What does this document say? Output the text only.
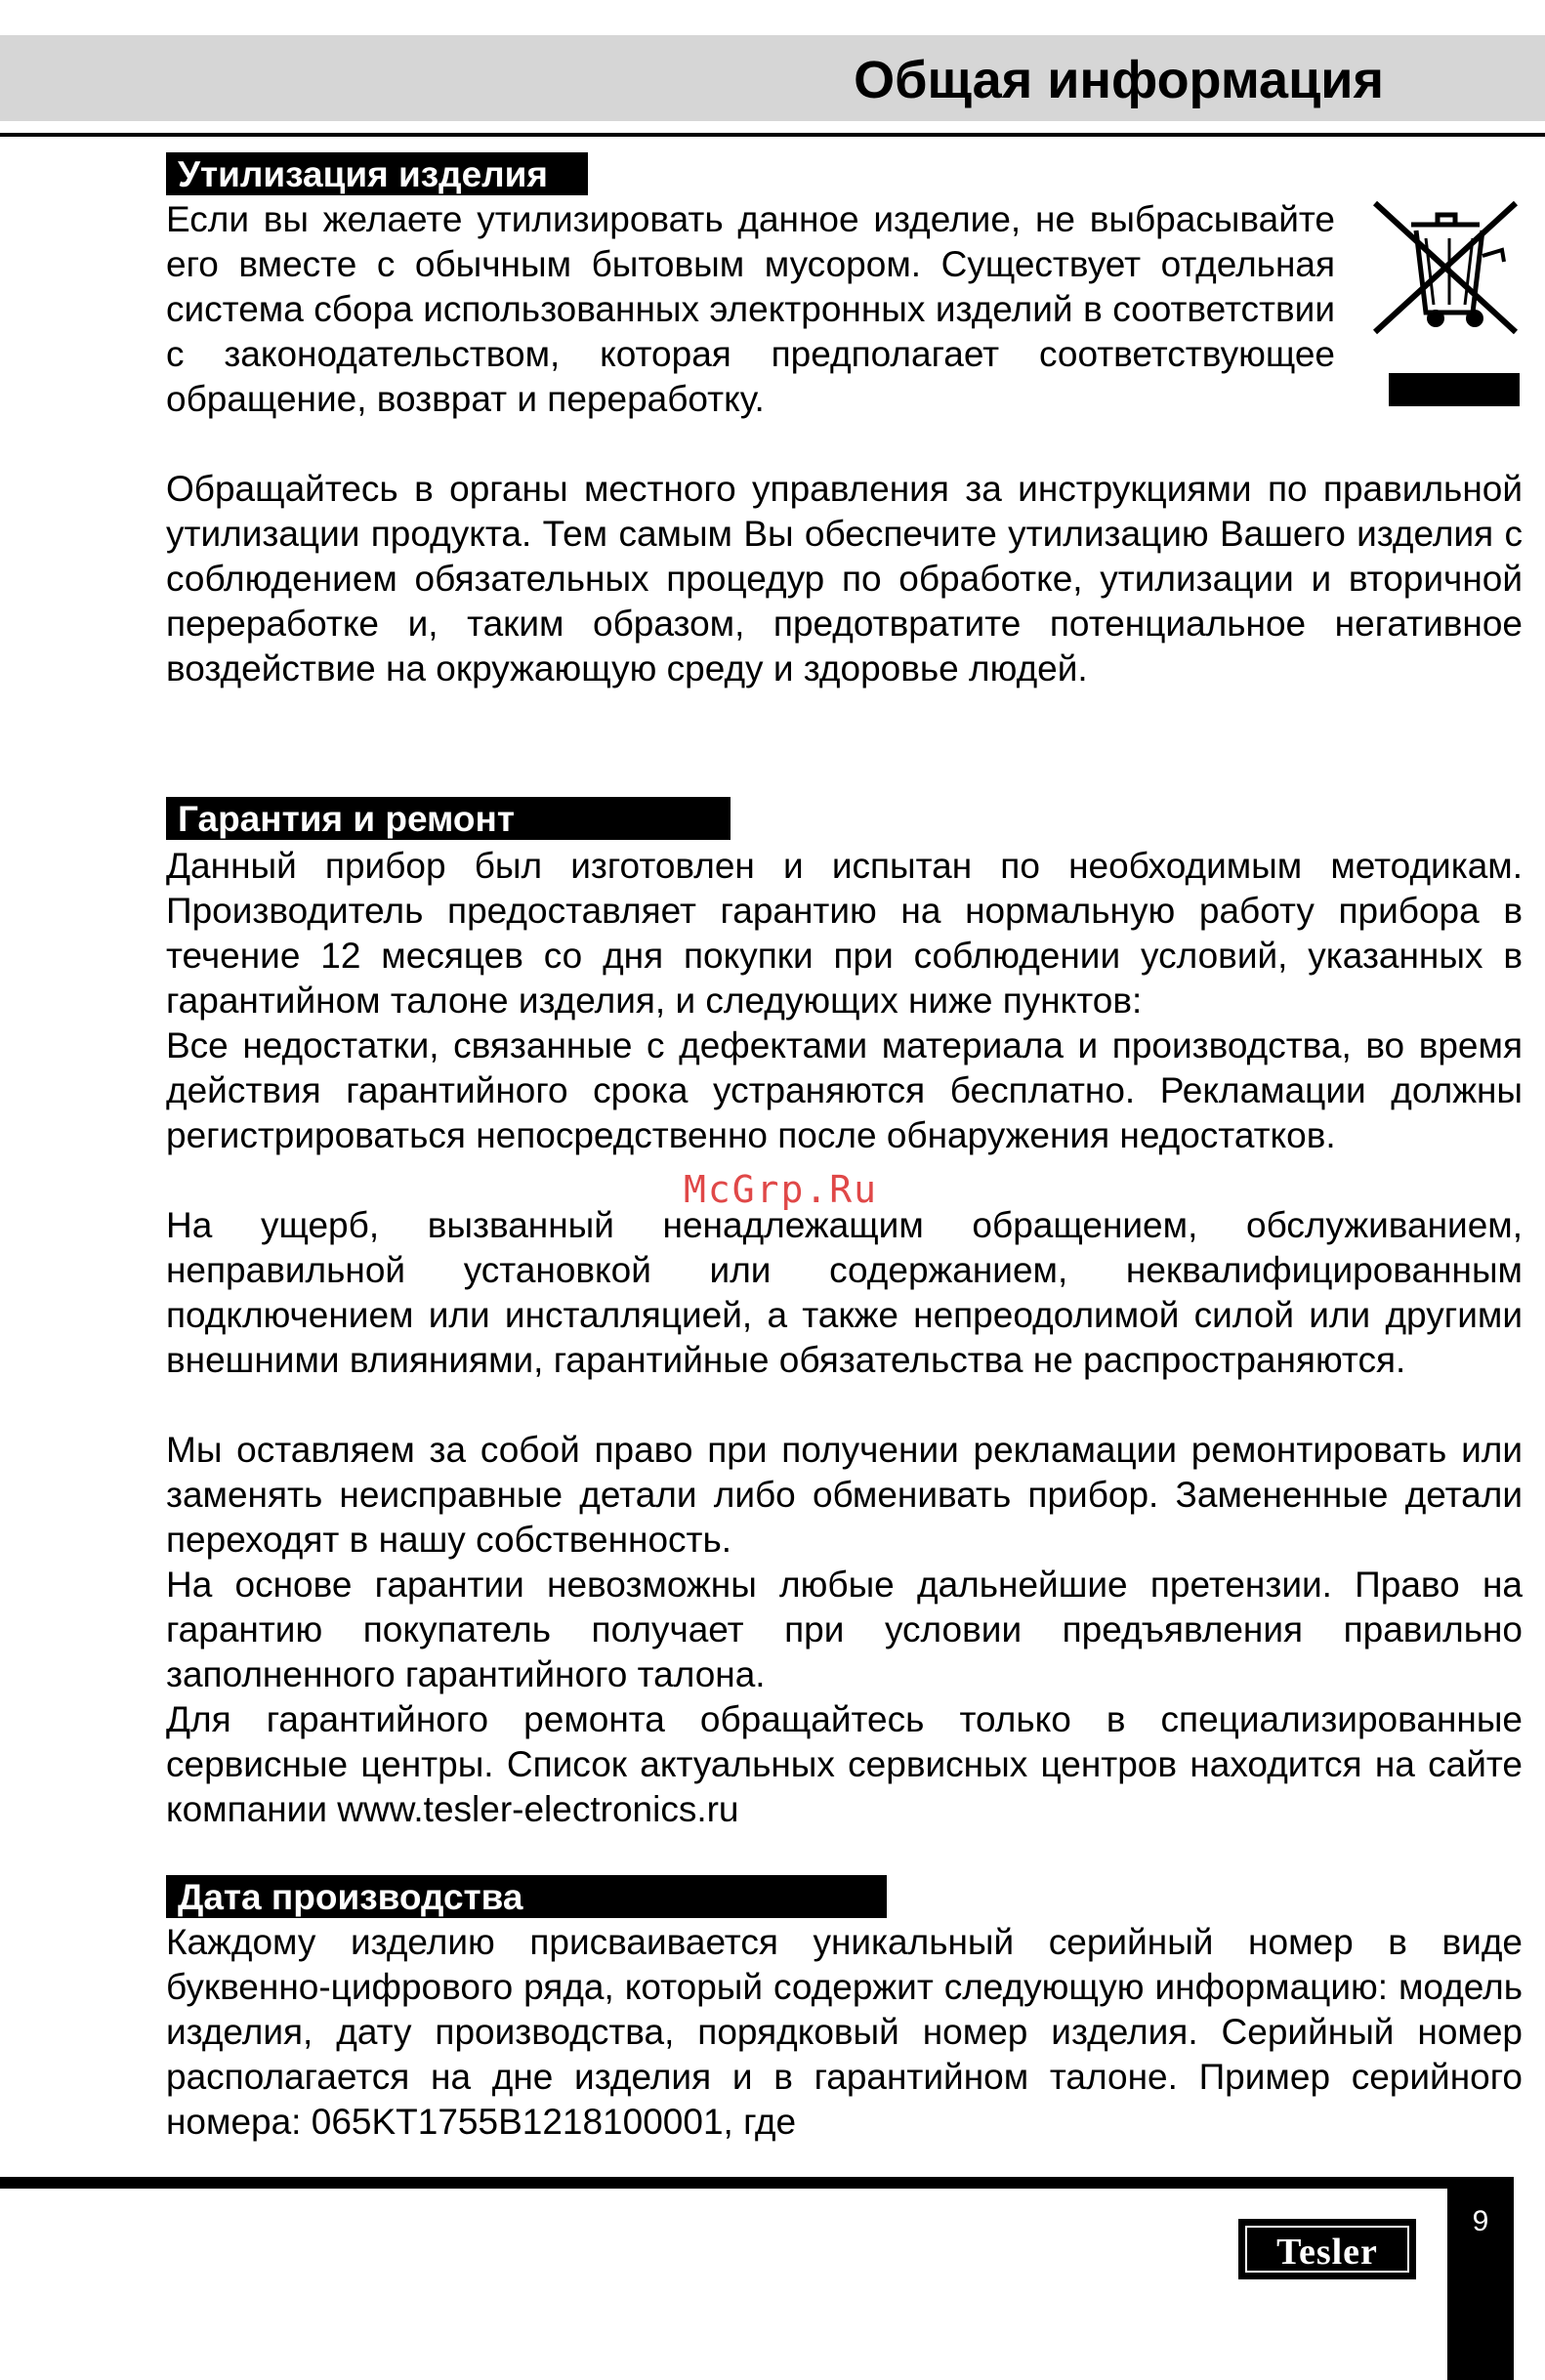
Общая информация
Утилизация изделия

Если вы желаете утилизировать данное изделие, не выбрасывайте его вместе с обычным бытовым мусором. Существует отдельная система сбора использованных электронных изделий в соответствии с законодательством, которая предполагает соответствующее обращение, возврат и переработку.

Обращайтесь в органы местного управления за инструкциями по правильной утилизации продукта. Тем самым Вы обеспечите утилизацию Вашего изделия с соблюдением обязательных процедур по обработке, утилизации и вторичной переработке и, таким образом, предотвратите потенциальное негативное воздействие на окружающую среду и здоровье людей.

Гарантия и ремонт

Данный прибор был изготовлен и испытан по необходимым методикам. Производитель предоставляет гарантию на нормальную работу прибора в течение 12 месяцев со дня покупки при соблюдении условий, указанных в гарантийном талоне изделия, и следующих ниже пунктов:

Все недостатки, связанные с дефектами материала и производства, во время действия гарантийного срока устраняются бесплатно. Рекламации должны регистрироваться непосредственно после обнаружения недостатков.

На ущерб, вызванный ненадлежащим обращением, обслуживанием, неправильной установкой или содержанием, неквалифицированным подключением или инсталляцией, а также непреодолимой силой или другими внешними влияниями, гарантийные обязательства не распространяются.

Мы оставляем за собой право при получении рекламации ремонтировать или заменять неисправные детали либо обменивать прибор. Замененные детали переходят в нашу собственность.

На основе гарантии невозможны любые дальнейшие претензии. Право на гарантию покупатель получает при условии предъявления правильно заполненного гарантийного талона.

Для гарантийного ремонта обращайтесь только в специализированные сервисные центры. Список актуальных сервисных центров находится на сайте компании www.tesler-electronics.ru

McGrp.Ru
Дата производства

Каждому изделию присваивается уникальный серийный номер в виде буквенно-цифрового ряда, который содержит следующую информацию: модель изделия, дату производства, порядковый номер изделия. Серийный номер располагается на дне изделия и в гарантийном талоне. Пример серийного номера: 065KT1755B1218100001, где

9
Tesler
